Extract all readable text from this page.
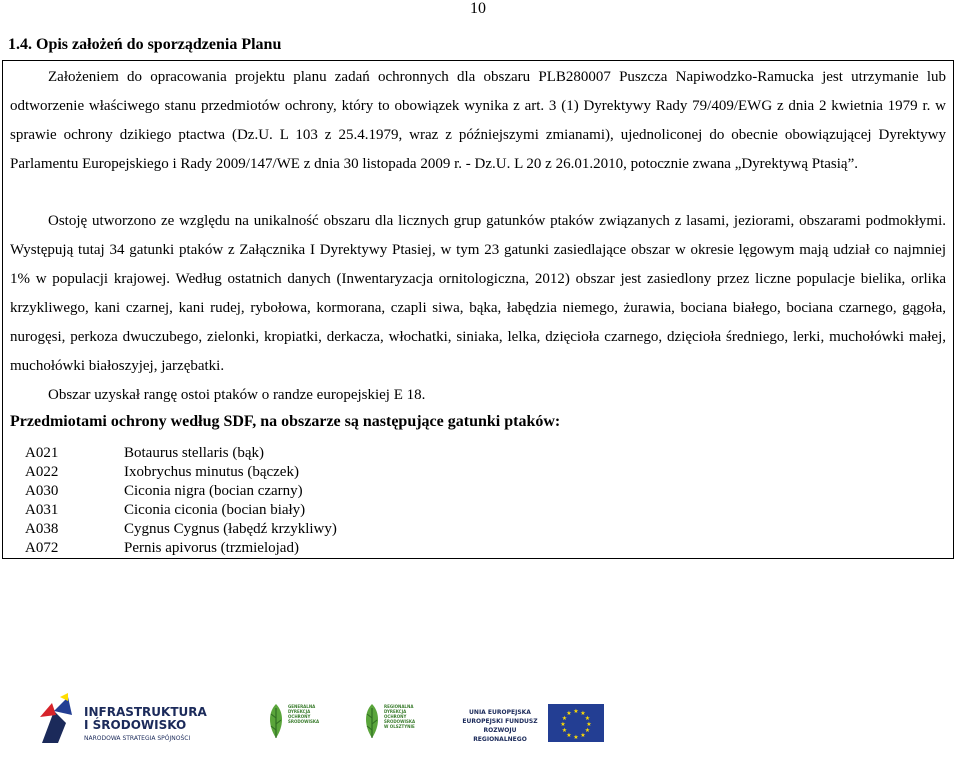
10
1.4. Opis założeń do sporządzenia Planu

Założeniem do opracowania projektu planu zadań ochronnych dla obszaru PLB280007 Puszcza Napiwodzko-Ramucka jest utrzymanie lub odtworzenie właściwego stanu przedmiotów ochrony, który to obowiązek wynika z art. 3 (1) Dyrektywy Rady 79/409/EWG z dnia 2 kwietnia 1979 r. w sprawie ochrony dzikiego ptactwa (Dz.U. L 103 z 25.4.1979, wraz z późniejszymi zmianami), ujednoliconej do obecnie obowiązującej Dyrektywy Parlamentu Europejskiego i Rady 2009/147/WE z dnia 30 listopada 2009 r. - Dz.U. L 20 z 26.01.2010, potocznie zwana „Dyrektywą Ptasią”.

Ostoję utworzono ze względu na unikalność obszaru dla licznych grup gatunków ptaków związanych z lasami, jeziorami, obszarami podmokłymi. Występują tutaj 34 gatunki ptaków z Załącznika I Dyrektywy Ptasiej, w tym 23 gatunki zasiedlające obszar w okresie lęgowym mają udział co najmniej 1% w populacji krajowej. Według ostatnich danych (Inwentaryzacja ornitologiczna, 2012) obszar jest zasiedlony przez liczne populacje bielika, orlika krzykliwego, kani czarnej, kani rudej, rybołowa, kormorana, czapli siwa, bąka, łabędzia niemego, żurawia, bociana białego, bociana czarnego, gągoła, nurogęsi, perkoza dwuczubego, zielonki, kropiatki, derkacza, włochatki, siniaka, lelka, dzięcioła czarnego, dzięcioła średniego, lerki, muchołówki małej, muchołówki białoszyjej, jarzębatki.

Obszar uzyskał rangę ostoi ptaków o randze europejskiej E 18.

Przedmiotami ochrony według SDF, na obszarze są następujące gatunki ptaków:
A021	Botaurus stellaris (bąk)
A022	Ixobrychus minutus (bączek)
A030	Ciconia nigra (bocian czarny)
A031	Ciconia ciconia (bocian biały)
A038	Cygnus Cygnus (łabędź krzykliwy)
A072	Pernis apivorus (trzmielojad)
INFRASTRUKTURA
I ŚRODOWISKO
NARODOWA STRATEGIA SPÓJNOŚCI
GENERALNA DYREKCJA OCHRONY ŚRODOWISKA
REGIONALNA DYREKCJA OCHRONY ŚRODOWISKA W OLSZTYNIE
UNIA EUROPEJSKA
EUROPEJSKI FUNDUSZ
ROZWOJU REGIONALNEGO
★ ★
★
★
★
★
★
★
★
★
★
★
